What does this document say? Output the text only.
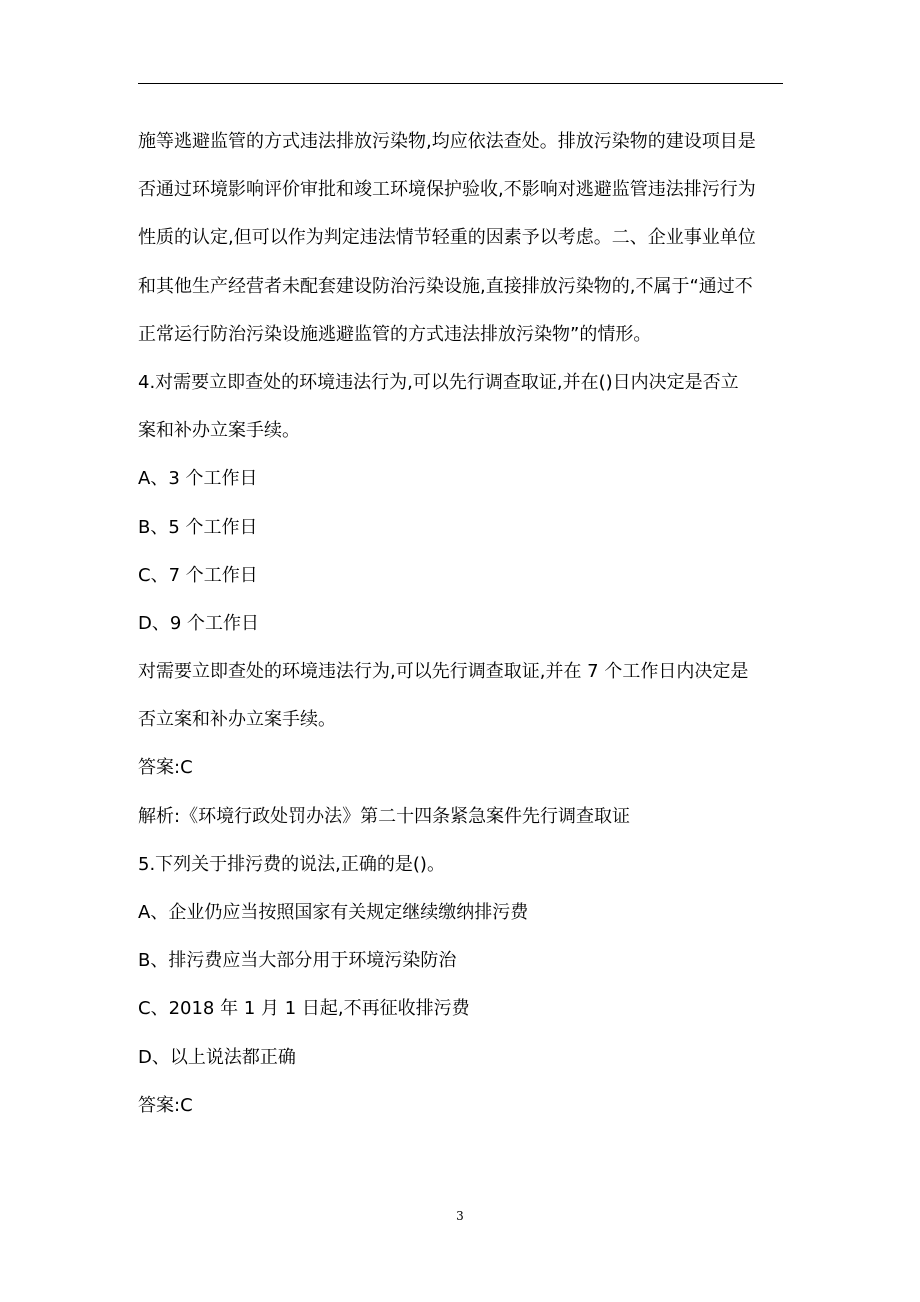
施等逃避监管的方式违法排放污染物,均应依法查处。排放污染物的建设项目是
否通过环境影响评价审批和竣工环境保护验收,不影响对逃避监管违法排污行为
性质的认定,但可以作为判定违法情节轻重的因素予以考虑。二、企业事业单位
和其他生产经营者未配套建设防治污染设施,直接排放污染物的,不属于“通过不
正常运行防治污染设施逃避监管的方式违法排放污染物”的情形。
4.对需要立即查处的环境违法行为,可以先行调查取证,并在()日内决定是否立
案和补办立案手续。
A、3 个工作日
B、5 个工作日
C、7 个工作日
D、9 个工作日
对需要立即查处的环境违法行为,可以先行调查取证,并在 7 个工作日内决定是
否立案和补办立案手续。
答案:C
解析:《环境行政处罚办法》第二十四条紧急案件先行调查取证
5.下列关于排污费的说法,正确的是()。
A、企业仍应当按照国家有关规定继续缴纳排污费
B、排污费应当大部分用于环境污染防治
C、2018 年 1 月 1 日起,不再征收排污费
D、以上说法都正确
答案:C
3
